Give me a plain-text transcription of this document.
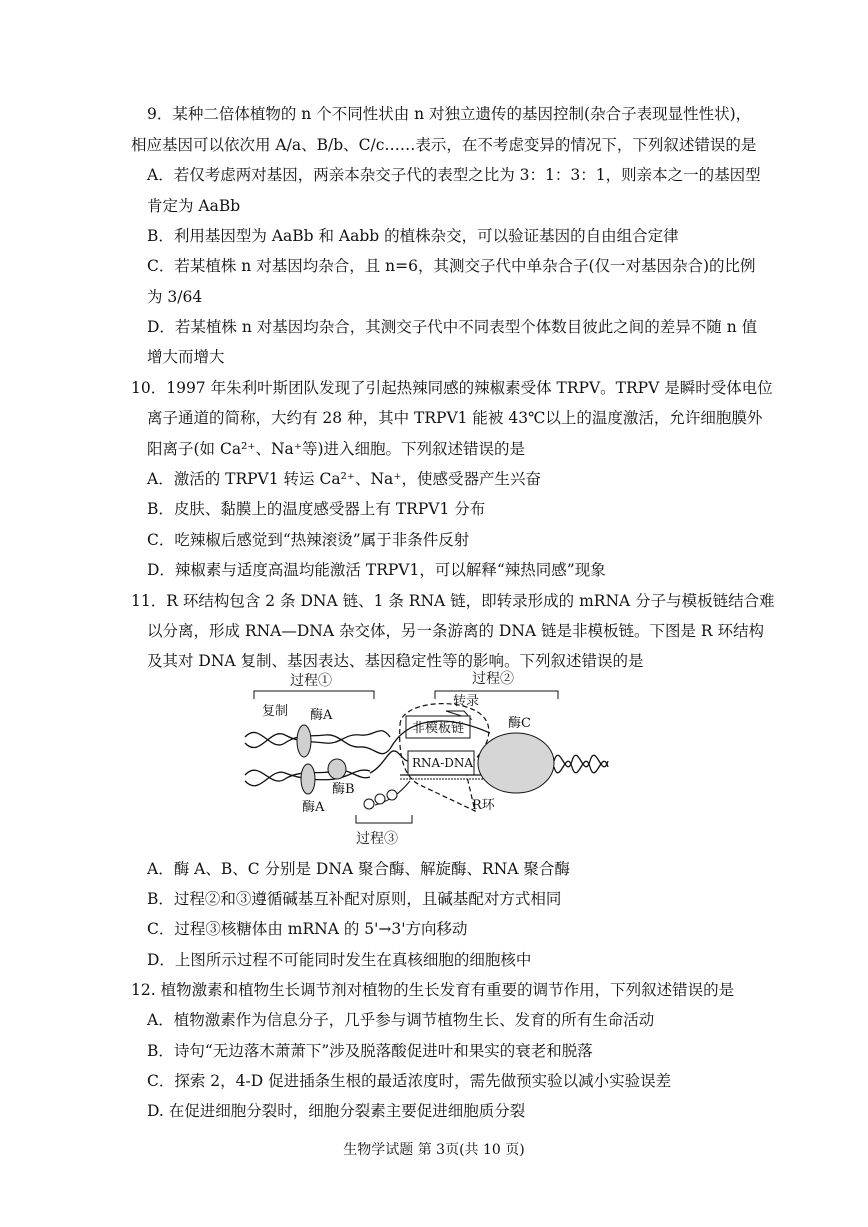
9．某种二倍体植物的 n 个不同性状由 n 对独立遗传的基因控制(杂合子表现显性性状)，
相应基因可以依次用 A/a、B/b、C/c……表示，在不考虑变异的情况下，下列叙述错误的是
A．若仅考虑两对基因，两亲本杂交子代的表型之比为 3：1：3：1，则亲本之一的基因型
肯定为 AaBb
B．利用基因型为 AaBb 和 Aabb 的植株杂交，可以验证基因的自由组合定律
C．若某植株 n 对基因均杂合，且 n=6，其测交子代中单杂合子(仅一对基因杂合)的比例
为 3/64
D．若某植株 n 对基因均杂合，其测交子代中不同表型个体数目彼此之间的差异不随 n 值
增大而增大
10．1997 年朱利叶斯团队发现了引起热辣同感的辣椒素受体 TRPV。TRPV 是瞬时受体电位
离子通道的简称，大约有 28 种，其中 TRPV1 能被 43℃以上的温度激活，允许细胞膜外
阳离子(如 Ca²⁺、Na⁺等)进入细胞。下列叙述错误的是
A．激活的 TRPV1 转运 Ca²⁺、Na⁺，使感受器产生兴奋
B．皮肤、黏膜上的温度感受器上有 TRPV1 分布
C．吃辣椒后感觉到“热辣滚烫”属于非条件反射
D．辣椒素与适度高温均能激活 TRPV1，可以解释“辣热同感”现象
11．R 环结构包含 2 条 DNA 链、1 条 RNA 链，即转录形成的 mRNA 分子与模板链结合难
以分离，形成 RNA—DNA 杂交体，另一条游离的 DNA 链是非模板链。下图是 R 环结构
及其对 DNA 复制、基因表达、基因稳定性等的影响。下列叙述错误的是
过程①	过程②
复制 酶A
转录
酶A
酶B
非模板链
RNA-DNA
酶C
R环
过程③
A．酶 A、B、C 分别是 DNA 聚合酶、解旋酶、RNA 聚合酶
B．过程②和③遵循碱基互补配对原则，且碱基配对方式相同
C．过程③核糖体由 mRNA 的 5'→3'方向移动
D．上图所示过程不可能同时发生在真核细胞的细胞核中
12. 植物激素和植物生长调节剂对植物的生长发育有重要的调节作用，下列叙述错误的是
A．植物激素作为信息分子，几乎参与调节植物生长、发育的所有生命活动
B．诗句“无边落木萧萧下”涉及脱落酸促进叶和果实的衰老和脱落
C．探索 2，4-D 促进插条生根的最适浓度时，需先做预实验以减小实验误差
D. 在促进细胞分裂时，细胞分裂素主要促进细胞质分裂
生物学试题 第 3页(共 10 页)
